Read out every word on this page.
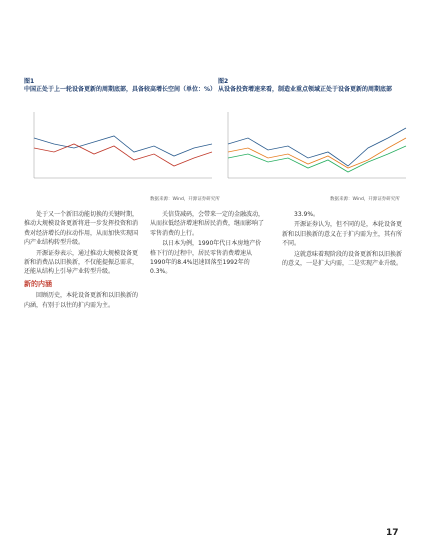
图1
中国正处于上一轮设备更新的周期底部，具备较高增长空间（单位：%）
数据来源：Wind，开源证券研究所
图2
从设备投资增速来看，制造业重点领域正处于设备更新的周期底部
数据来源：Wind，开源证券研究所

处于又一个新旧动能切换的关键时期，推动大规模设备更新将进一步发挥投资和消费对经济增长的拉动作用，从而加快实现国内产业结构转型升级。

开源证券表示，通过推动大规模设备更新和消费品以旧换新，不仅能提振总需求，还能从结构上引导产业转型升级。

新的内涵

回顾历史，本轮设备更新和以旧换新的内涵，有别于以往的扩内需为主。

关信贷减码，会带来一定的金融波动，从而拉低经济增速和居民消费，继而影响了零售消费的上行。

以日本为例，1990年代日本房地产价格下行的过程中，居民零售消费增速从1990年的8.4%迅速回落至1992年的0.3%。

33.9%。

开源证券认为，但不同的是，本轮设备更新和以旧换新的意义在于扩内需为主，其有所不同。

这就意味着现阶段的设备更新和以旧换新的意义，一是扩大内需，二是实现产业升级。

17
